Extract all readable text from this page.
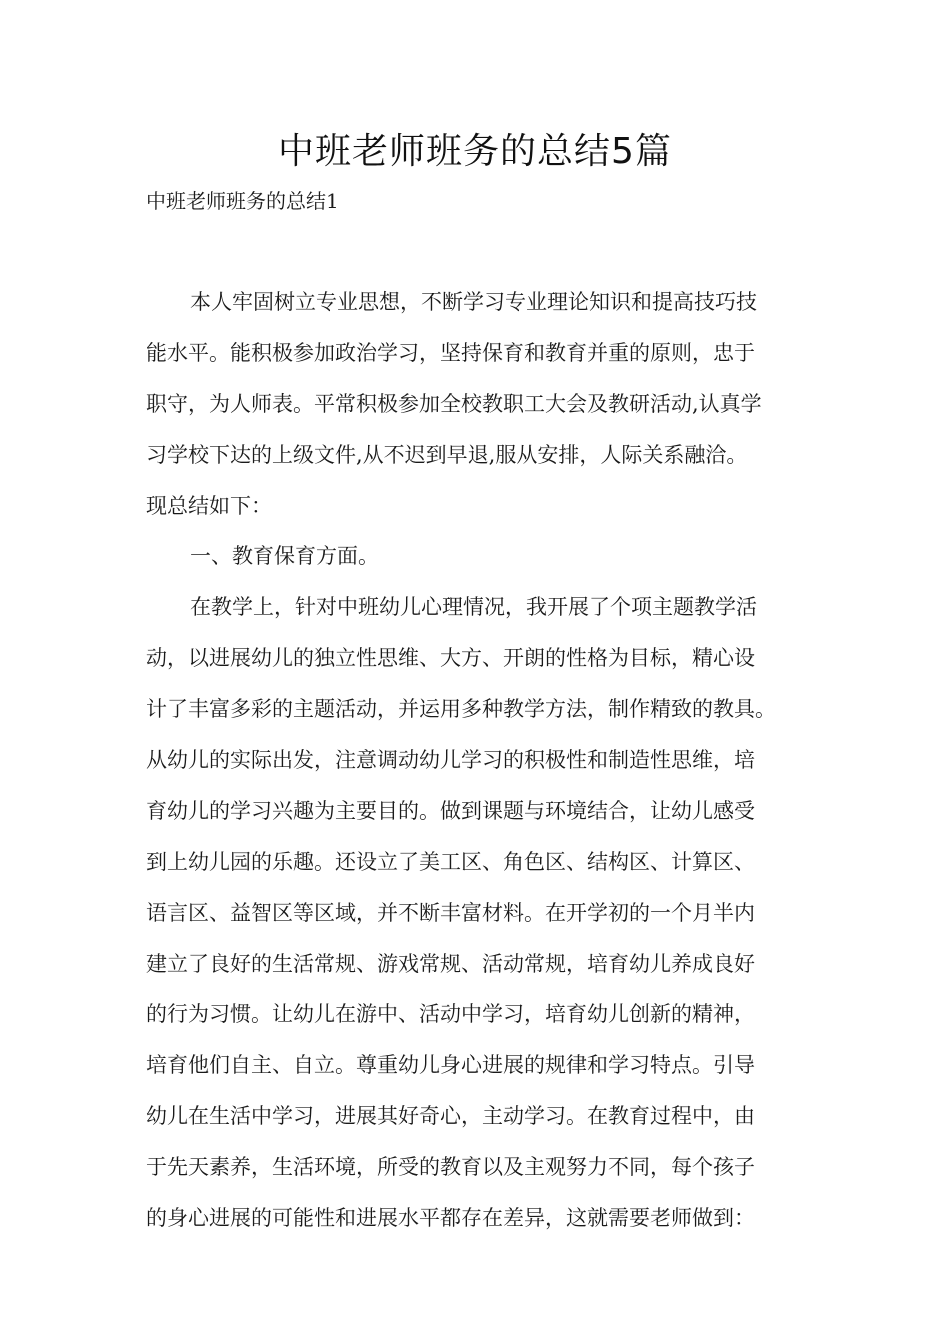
中班老师班务的总结5篇

中班老师班务的总结1

本人牢固树立专业思想，不断学习专业理论知识和提高技巧技
能水平。能积极参加政治学习，坚持保育和教育并重的原则，忠于
职守，为人师表。平常积极参加全校教职工大会及教研活动,认真学
习学校下达的上级文件,从不迟到早退,服从安排，人际关系融洽。
现总结如下：
一、教育保育方面。
在教学上，针对中班幼儿心理情况，我开展了个项主题教学活
动，以进展幼儿的独立性思维、大方、开朗的性格为目标，精心设
计了丰富多彩的主题活动，并运用多种教学方法，制作精致的教具。
从幼儿的实际出发，注意调动幼儿学习的积极性和制造性思维，培
育幼儿的学习兴趣为主要目的。做到课题与环境结合，让幼儿感受
到上幼儿园的乐趣。还设立了美工区、角色区、结构区、计算区、
语言区、益智区等区域，并不断丰富材料。在开学初的一个月半内
建立了良好的生活常规、游戏常规、活动常规，培育幼儿养成良好
的行为习惯。让幼儿在游中、活动中学习，培育幼儿创新的精神，
培育他们自主、自立。尊重幼儿身心进展的规律和学习特点。引导
幼儿在生活中学习，进展其好奇心，主动学习。在教育过程中，由
于先天素养，生活环境，所受的教育以及主观努力不同，每个孩子
的身心进展的可能性和进展水平都存在差异，这就需要老师做到：
